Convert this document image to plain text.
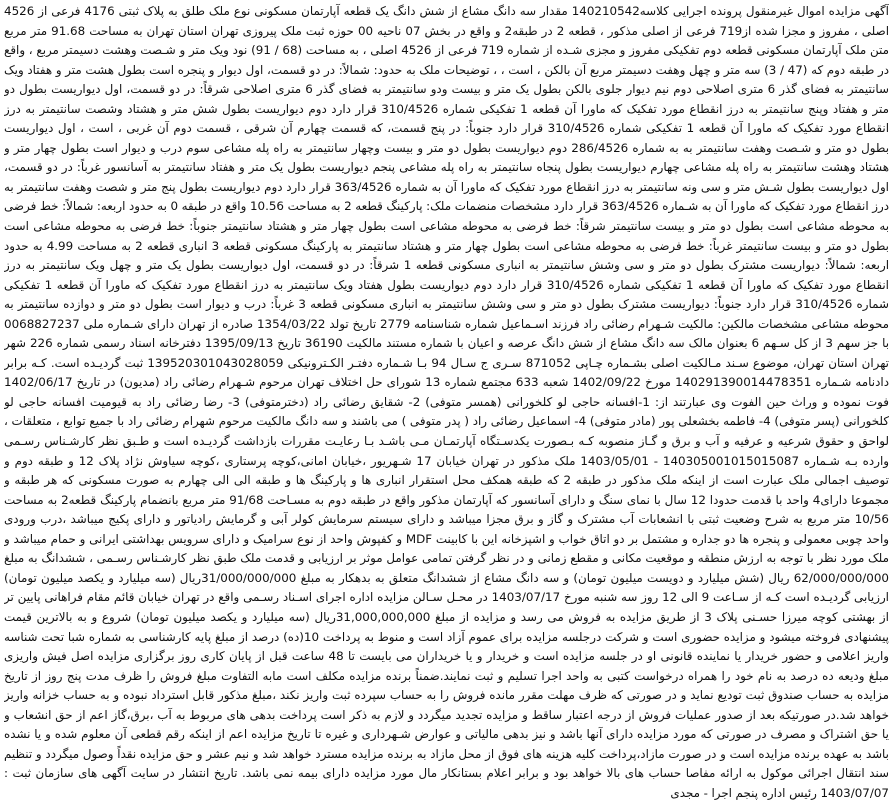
آگهی مزایده اموال غیرمنقول پرونده اجرایی کلاسه140210542 مقدار سه دانگ مشاع از شش دانگ یک قطعه آپارتمان مسکونی نوع ملک طلق به پلاک ثبتی 4176 فرعی از 4526 اصلی ، مفروز و مجزا شده از719 فرعی از اصلی مذکور ، قطعه 2 در طبقه2 و واقع در بخش 07 ناحیه 00 حوزه ثبت ملک پیروزی تهران استان تهران به مساحت 91.68 متر مربع متن ملک آپارتمان مسکونی قطعه دوم تفکیکی مفروز و مجزی شـده از شماره 719 فرعی از 4526 اصلی ، به مساحت (68 / 91) نود ویک متر و شـصت وهشت دسیمتر مربع ، واقع در طبقه دوم که (47 / 3) سه متر و چهل وهفت دسیمتر مربع آن بالکن ، است ، ، توضیحات ملک به حدود: شمالاً: در دو قسمت، اول دیوار و پنجره است بطول هشت متر و هفتاد ویک سانتیمتر به فضای گذر 6 متری اصلاحی دوم نیم دیوار جلوی بالکن بطول یک متر و بیست ودو سانتیمتر به فضای گذر 6 متری اصلاحی شرقاً: در دو قسمت، اول دیواریست بطول دو متر و هفتاد وپنج سانتیمتر به درز انقطاع مورد تفکیک که ماورا آن قطعه 1 تفکیکی شماره 310/4526 قرار دارد دوم دیواریست بطول شش متر و هشتاد وشصت سانتیمتر به درز انقطاع مورد تفکیک که ماورا آن قطعه 1 تفکیکی شماره 310/4526 قرار دارد جنوباً: در پنج قسمت، که قسمت چهارم آن شرقی ، قسمت دوم آن غربی ، است ، اول دیواریست بطول دو متر و شـصت وهفت سانتیمتر به به شماره 286/4526 دوم دیواریست بطول دو متر و بیست وچهار سانتیمتر به راه پله مشاعی سوم درب و دیوار است بطول چهار متر و هشتاد وهشت سانتیمتر به راه پله مشاعی چهارم دیواریست بطول پنجاه سانتیمتر به راه پله مشاعی پنجم دیواریست بطول یک متر و هفتاد سانتیمتر به آسانسور غرباً: در دو قسمت، اول دیواریست بطول شـش متر و سی ونه سانتیمتر به درز انقطاع مورد تفکیک که ماورا آن به شماره 363/4526 قرار دارد دوم دیواریست بطول پنج متر و شصت وهفت سانتیمتر به درز انقطاع مورد تفکیک که ماورا آن به شـماره 363/4526 قرار دارد مشخصات منضمات ملک: پارکینگ قطعه 2 به مساحت 10.56 واقع در طبقه 0 به حدود اربعه: شمالاً: خط فرضی به محوطه مشاعی است بطول دو متر و بیست سانتیمتر شرقاً: خط فرضی به محوطه مشاعی است بطول چهار متر و هشتاد سانتیمتر جنوباً: خط فرضی به محوطه مشاعی است بطول دو متر و بیست سانتیمتر غرباً: خط فرضی به محوطه مشاعی است بطول چهار متر و هشتاد سانتیمتر به پارکینگ مسکونی قطعه 3 انباری قطعه 2 به مساحت 4.99 به حدود اربعه: شمالاً: دیواریست مشترک بطول دو متر و سی وشش سانتیمتر به انباری مسکونی قطعه 1 شرقاً: در دو قسمت، اول دیواریست بطول یک متر و چهل ویک سانتیمتر به درز انقطاع مورد تفکیک که ماورا آن قطعه 1 تفکیکی شماره 310/4526 قرار دارد دوم دیواریست بطول هفتاد ویک سانتیمتر به درز انقطاع مورد تفکیک که ماورا آن قطعه 1 تفکیکی شماره 310/4526 قرار دارد جنوباً: دیواریست مشترک بطول دو متر و سی وشش سانتیمتر به انباری مسکونی قطعه 3 غرباً: درب و دیوار است بطول دو متر و دوازده سانتیمتر به محوطه مشاعی مشخصات مالکین: مالکیت شـهرام رضائی راد فرزند اسـماعیل شماره شناسنامه 2779 تاریخ تولد 1354/03/22 صادره از تهران دارای شـماره ملی 0068827237 با جز سهم 3 از کل سـهم 6 بعنوان مالک سه دانگ مشاع از شش دانگ عرصه و اعیان با شماره مستند مالکیت 36190 تاریخ 1395/09/13 دفترخانه اسناد رسمی شماره 226 شهر تهران استان تهران، موضوع سـند مـالکیت اصلی بشـماره چـاپی 871052 سـری ج سـال 94 بـا شـماره دفتـر الکـترونیکی 139520301043028059 ثبت گردیـده است. کـه برابر دادنامه شـماره 140291390014478351 مورخ 1402/09/22 شعبه 633 مجتمع شماره 13 شورای حل اختلاف تهران مرحوم شـهرام رضائی راد (مدیون) در تاریخ 1402/06/17 فوت نموده و وراث حین الفوت وی عبارتند از: 1-افسانه حاجی لو کلخورانی (همسر متوفی) 2- شقایق رضائی راد (دخترمتوفی) 3- رضا رضائی راد به قیومیت افسانه حاجی لو کلخورانی (پسر متوفی) 4- فاطمه بخشعلی پور (مادر متوفی) 4- اسماعیل رضائی راد ( پدر متوفی ) می باشند و سه دانگ مالکیت مرحوم شهرام رضائی راد با جمیع توابع ، متعلقات ، لواحق و حقوق شرعیه و عرفیه و آب و برق و گـاز منصوبه کـه بـصورت یکدسـتگاه آپارتمـان مـی باشـد بـا رعایـت مقررات بازداشت گردیـده است و طـبق نظر کارشـناس رسـمی وارده بـه شـماره 140305001015015087 - 1403/05/01 ملک مذکور در تهران خیابان 17 شـهریور ،خیابان امانی،کوچه پرستاری ،کوچه سیاوش نژاد پلاک 12 و طبقه دوم و توصیف اجمالی ملک عبارت است از اینکه ملک مذکور در طبقه 2 که طبقه همکف محل استقرار انباری ها و پارکینگ ها و طبقه الی الی چهارم به صورت مسکونی که هر طبقه و مجموعا دارای4 واحد با قدمت حدودا 12 سال با نمای سنگ و دارای آسانسور که آپارتمان مذکور واقع در طبقه دوم به مسـاحت 91/68 متر مربع بانضمام پارکینگ قطعه2 به مساحت 10/56 متر مربع به شرح وضعیت ثبتی با انشعابات آب مشترک و گاز و برق مجزا میباشد و دارای سیستم سرمایش کولر آبی و گرمایش رادیاتور و دارای پکیج میباشد ،درب ورودی واحد چوبی معمولی و پنجره ها دو جداره و مشتمل بر دو اتاق خواب و اشپزخانه این با کابینت MDF و کفپوش واحد از نوع سرامیک و دارای سرویس بهداشتی ایرانی و حمام میباشد و ملک مورد نظر با توجه به ارزش منطقه و موقعیت مکانی و مقطع زمانی و در نظر گرفتن تمامی عوامل موثر بر ارزیابی و قدمت ملک طبق نظر کارشـناس رسـمی ، ششدانگ به مبلغ 62/000/000/000 ریال (شش میلیارد و دویست میلیون تومان) و سه دانگ مشاع از ششدانگ متعلق به بدهکار به مبلغ 31/000/000/000ریال (سه میلیارد و یکصد میلیون تومان) ارزیابی گردیـده است کـه از سـاعت 9 الی 12 روز سه شنبه مورخ 1403/07/17 در محـل سـالن مزایده اداره اجرای اسـناد رسـمی واقع در تهران خیابان قائم مقام فراهانی پایین تر از بهشتی کوچه میرزا حسـنی پلاک 3 از طریق مزایده به فروش می رسد و مزایده از مبلغ 31,000,000,000ریال (سه میلیارد و یکصد میلیون تومان) شروع و به بالاترین قیمت پیشنهادی فروخته میشود و مزایده حضوری است و شرکت درجلسه مزایده برای عموم آزاد است و منوط به پرداخت 10(ده) درصد از مبلغ پایه کارشناسی به شماره شبا تحت شناسه واریز اعلامی و حضور خریدار یا نماینده قانونی او در جلسه مزایده است و خریدار و یا خریداران می بایست تا 48 ساعت قبل از پایان کاری روز برگزاری مزایده اصل فیش واریزی مبلغ ودیعه ده درصد به نام خود را همراه درخواست کتبی به واحد اجرا تسلیم و ثبت نمایند.ضمناً برنده مزایده مکلف است مابه التفاوت مبلغ فروش را ظرف مدت پنج روز از تاریخ مزایده به حساب صندوق ثبت تودیع نماید و در صورتی که ظرف مهلت مقرر مانده فروش را به حساب سپرده ثبت واریز نکند ،مبلغ مذکور قابل استرداد نبوده و به حساب خزانه واریز خواهد شد.در صورتیکه بعد از صدور عملیات فروش از درجه اعتبار ساقط و مزایده تجدید میگردد و لازم به ذکر است پرداخت بدهی های مربوط به آب ،برق،گاز اعم از حق انشعاب و یا حق اشتراک و مصرف در صورتی که مورد مزایده دارای آنها باشد و نیز بدهی مالیاتی و عوارض شـهرداری و غیره تا تاریخ مزایده اعم از اینکه رقم قطعی آن معلوم شده و یا نشده باشد به عهده برنده مزایده است و در صورت مازاد،پرداخت کلیه هزینه های فوق از محل مازاد به برنده مزایده مسترد خواهد شد و نیم عشر و حق مزایده نقداً وصول میگردد و تنظیم سند انتقال اجرائی موکول به ارائه مفاصا حساب های بالا خواهد بود و برابر اعلام بستانکار مال مورد مزایده دارای بیمه نمی باشد. تاریخ انتشار در سایت آگهی های سازمان ثبت : 1403/07/07 رئیس اداره پنجم اجرا - مجدی
